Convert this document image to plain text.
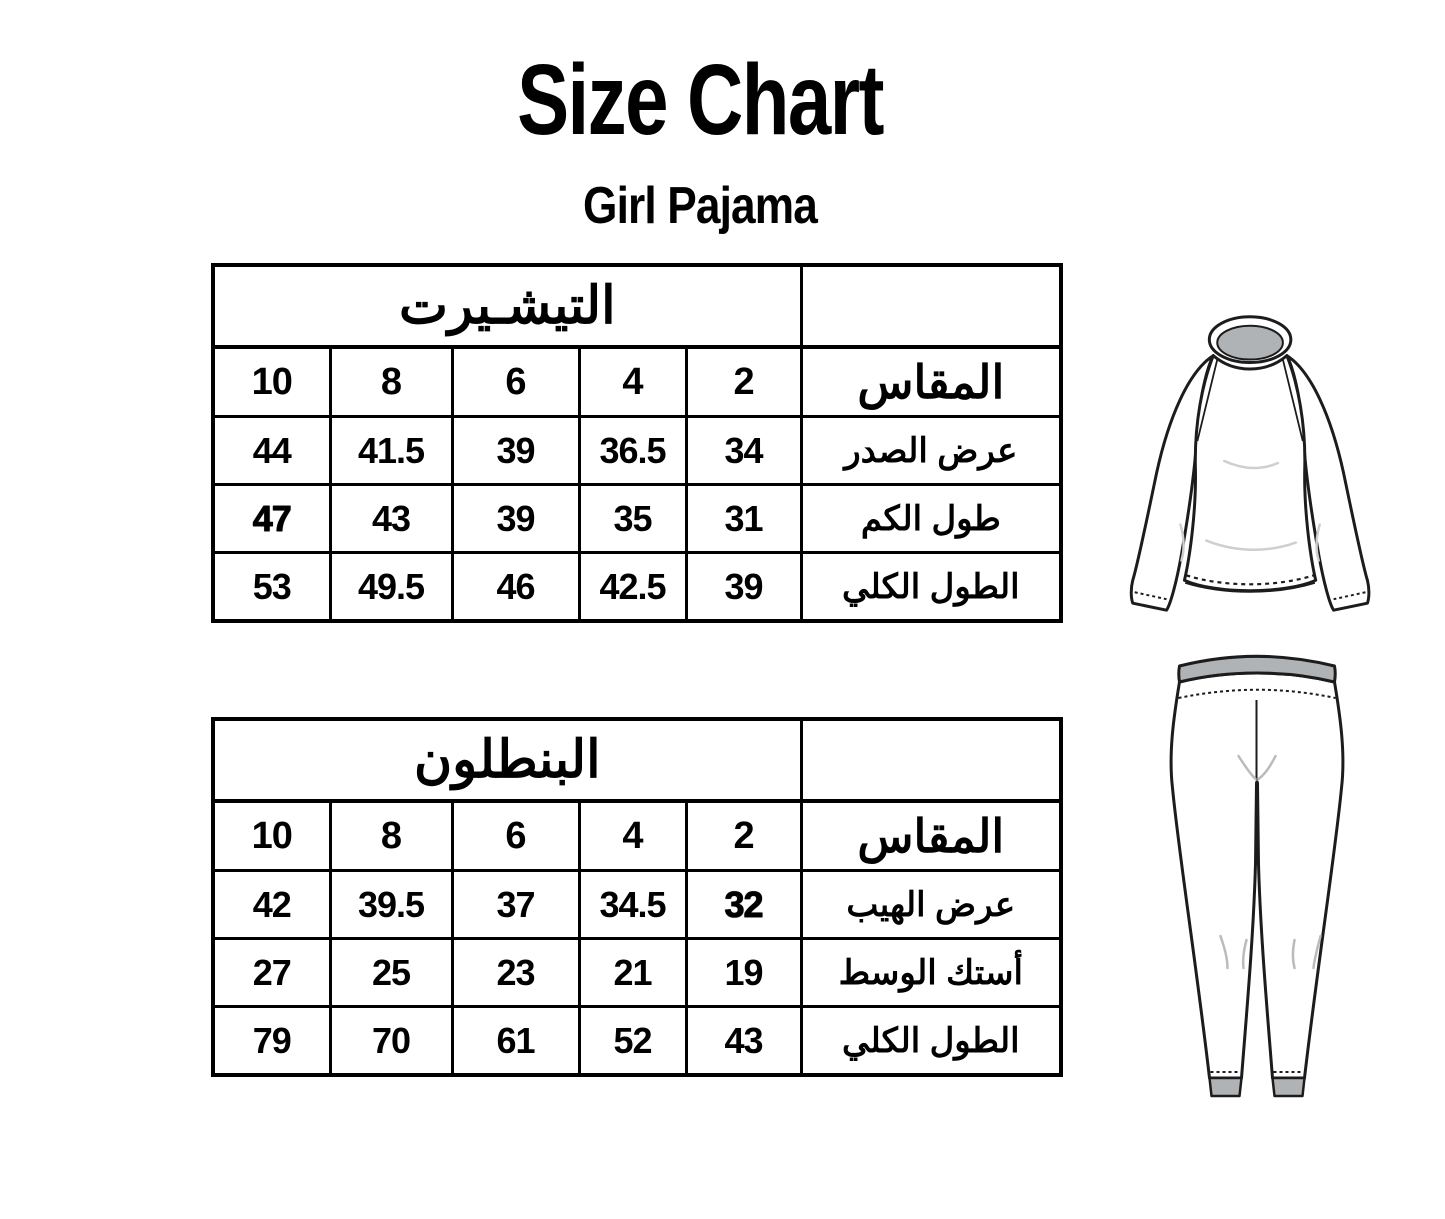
Size Chart
Girl Pajama
التيشـيرت					
10	8	6	4	2	المقاس
44	41.5	39	36.5	34	عرض الصدر
47	43	39	35	31	طول الكم
53	49.5	46	42.5	39	الطول الكلي
البنطلون					
10	8	6	4	2	المقاس
42	39.5	37	34.5	32	عرض الهيب
27	25	23	21	19	أستك الوسط
79	70	61	52	43	الطول الكلي
